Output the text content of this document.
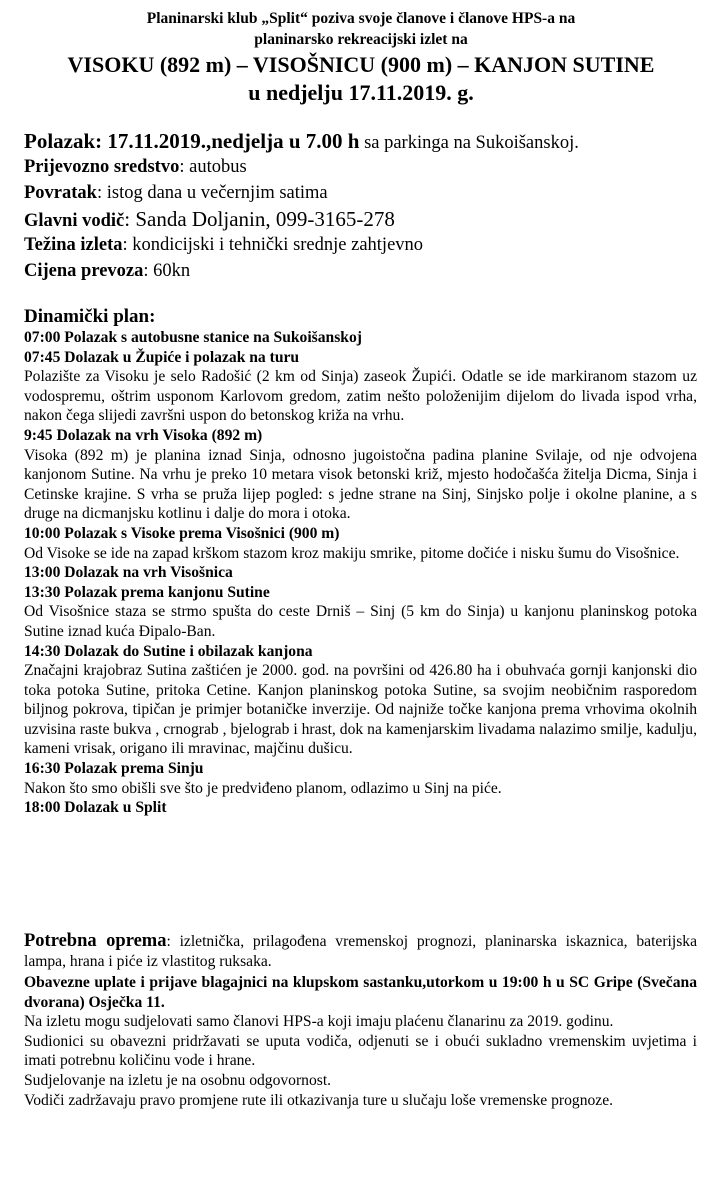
Planinarski klub „Split“ poziva svoje članove i članove HPS-a na
planinarsko rekreacijski izlet na
VISOKU (892 m) – VISOŠNICU (900 m) – KANJON SUTINE
u nedjelju 17.11.2019. g.
Polazak: 17.11.2019.,nedjelja u 7.00 h sa parkinga na Sukoišanskoj.
Prijevozno sredstvo: autobus
Povratak: istog dana u večernjim satima
Glavni vodič: Sanda Doljanin, 099-3165-278
Težina izleta: kondicijski i tehnički srednje zahtjevno
Cijena prevoza: 60kn
Dinamički plan:
07:00 Polazak s autobusne stanice na Sukoišanskoj
07:45 Dolazak u Župiće i polazak na turu
Polazište za Visoku je selo Radošić (2 km od Sinja) zaseok Župići. Odatle se ide markiranom stazom uz vodospremu, oštrim usponom Karlovom gredom, zatim nešto položenijim dijelom do livada ispod vrha, nakon čega slijedi završni uspon do betonskog križa na vrhu.
9:45 Dolazak na vrh Visoka (892 m)
Visoka (892 m) je planina iznad Sinja, odnosno jugoistočna padina planine Svilaje, od nje odvojena kanjonom Sutine. Na vrhu je preko 10 metara visok betonski križ, mjesto hodočašća žitelja Dicma, Sinja i Cetinske krajine. S vrha se pruža lijep pogled: s jedne strane na Sinj, Sinjsko polje i okolne planine, a s druge na dicmanjsku kotlinu i dalje do mora i otoka.
10:00 Polazak s Visoke prema Visošnici (900 m)
Od Visoke se ide na zapad krškom stazom kroz makiju smrike, pitome dočiće i nisku šumu do Visošnice.
13:00 Dolazak na vrh Visošnica
13:30 Polazak prema kanjonu Sutine
Od Visošnice staza se strmo spušta do ceste Drniš – Sinj (5 km do Sinja) u kanjonu planinskog potoka Sutine iznad kuća Đipalo-Ban.
14:30 Dolazak do Sutine i obilazak kanjona
Značajni krajobraz Sutina zaštićen je 2000. god. na površini od 426.80 ha i obuhvaća gornji kanjonski dio toka potoka Sutine, pritoka Cetine. Kanjon planinskog potoka Sutine, sa svojim neobičnim rasporedom biljnog pokrova, tipičan je primjer botaničke inverzije. Od najniže točke kanjona prema vrhovima okolnih uzvisina raste bukva , crnograb , bjelograb i hrast, dok na kamenjarskim livadama nalazimo smilje, kadulju, kameni vrisak, origano ili mravinac, majčinu dušicu.
16:30 Polazak prema Sinju
Nakon što smo obišli sve što je predviđeno planom, odlazimo u Sinj na piće.
18:00 Dolazak u Split
Potrebna oprema: izletnička, prilagođena vremenskoj prognozi, planinarska iskaznica, baterijska lampa, hrana i piće iz vlastitog ruksaka.
Obavezne uplate i prijave blagajnici na klupskom sastanku,utorkom u 19:00 h u SC Gripe (Svečana dvorana) Osječka 11.
Na izletu mogu sudjelovati samo članovi HPS-a koji imaju plaćenu članarinu za 2019. godinu.
Sudionici su obavezni pridržavati se uputa vodiča, odjenuti se i obući sukladno vremenskim uvjetima i imati potrebnu količinu vode i hrane.
Sudjelovanje na izletu je na osobnu odgovornost.
Vodiči zadržavaju pravo promjene rute ili otkazivanja ture u slučaju loše vremenske prognoze.
